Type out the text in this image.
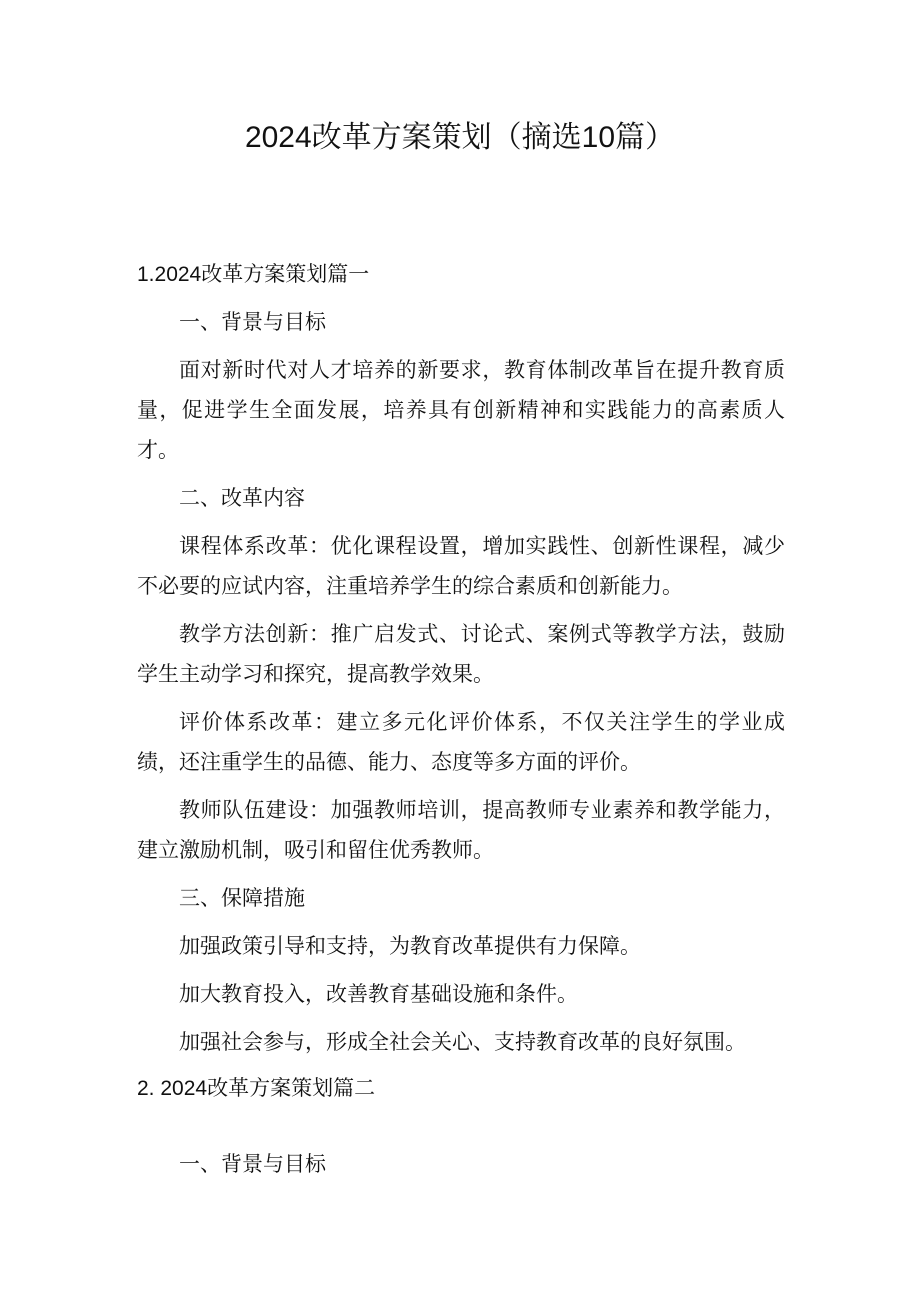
2024改革方案策划（摘选10篇）
1.2024改革方案策划篇一

一、背景与目标

面对新时代对人才培养的新要求，教育体制改革旨在提升教育质量，促进学生全面发展，培养具有创新精神和实践能力的高素质人才。

二、改革内容

课程体系改革：优化课程设置，增加实践性、创新性课程，减少不必要的应试内容，注重培养学生的综合素质和创新能力。

教学方法创新：推广启发式、讨论式、案例式等教学方法，鼓励学生主动学习和探究，提高教学效果。

评价体系改革：建立多元化评价体系，不仅关注学生的学业成绩，还注重学生的品德、能力、态度等多方面的评价。

教师队伍建设：加强教师培训，提高教师专业素养和教学能力，建立激励机制，吸引和留住优秀教师。

三、保障措施

加强政策引导和支持，为教育改革提供有力保障。

加大教育投入，改善教育基础设施和条件。

加强社会参与，形成全社会关心、支持教育改革的良好氛围。

2. 2024改革方案策划篇二

一、背景与目标
